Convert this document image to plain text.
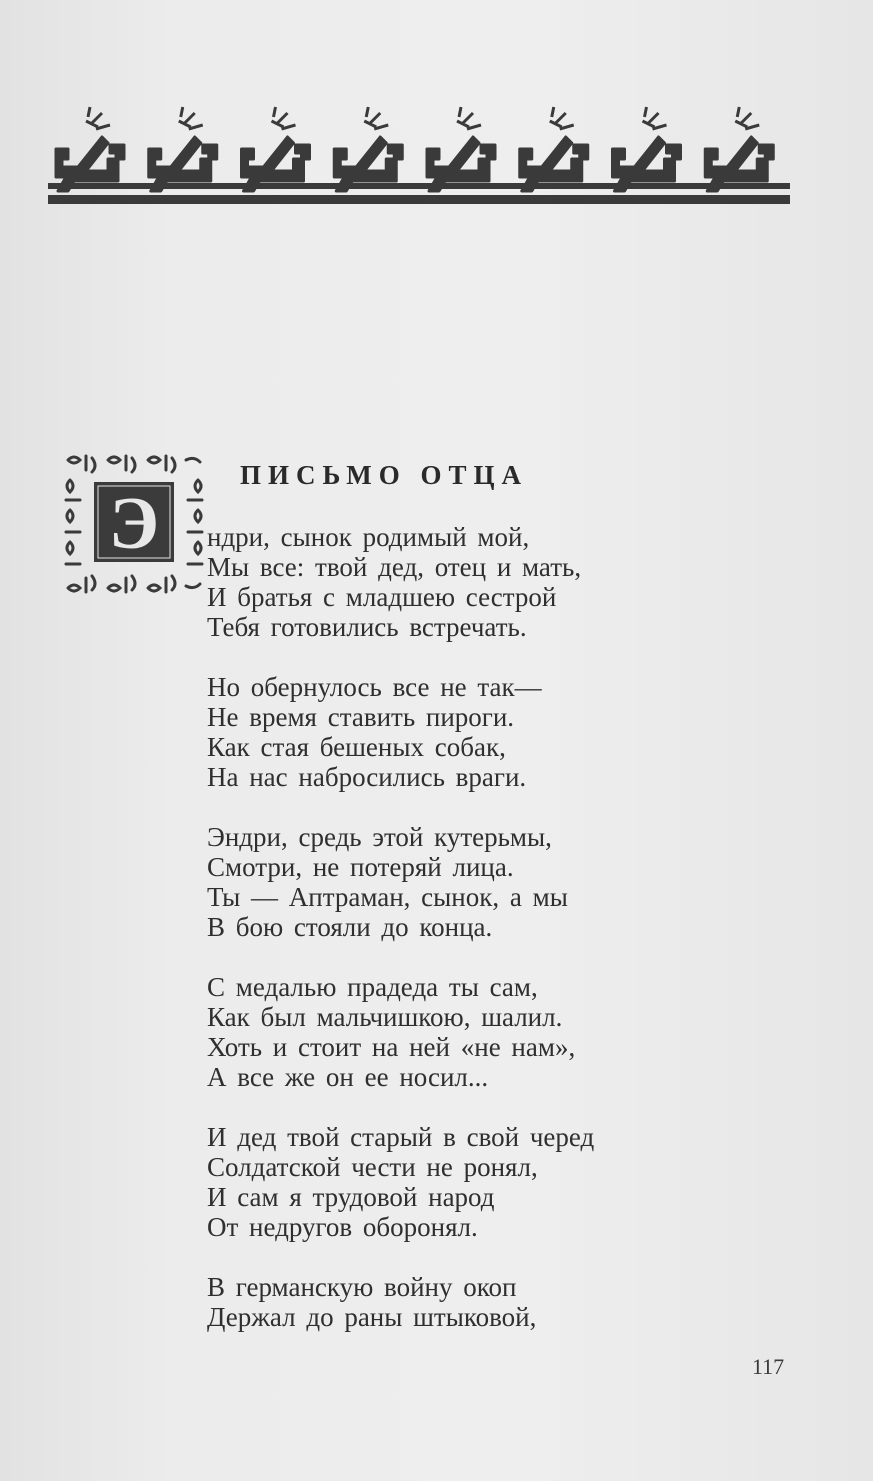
Э
ПИСЬМО ОТЦА
ндри, сынок родимый мой,
Мы все: твой дед, отец и мать,
И братья с младшею сестрой
Тебя готовились встречать.
Но обернулось все не так—
Не время ставить пироги.
Как стая бешеных собак,
На нас набросились враги.
Эндри, средь этой кутерьмы,
Смотри, не потеряй лица.
Ты — Аптраман, сынок, а мы
В бою стояли до конца.
С медалью прадеда ты сам,
Как был мальчишкою, шалил.
Хоть и стоит на ней «не нам»,
А все же он ее носил...
И дед твой старый в свой черед
Солдатской чести не ронял,
И сам я трудовой народ
От недругов оборонял.
В германскую войну окоп
Держал до раны штыковой,
117
